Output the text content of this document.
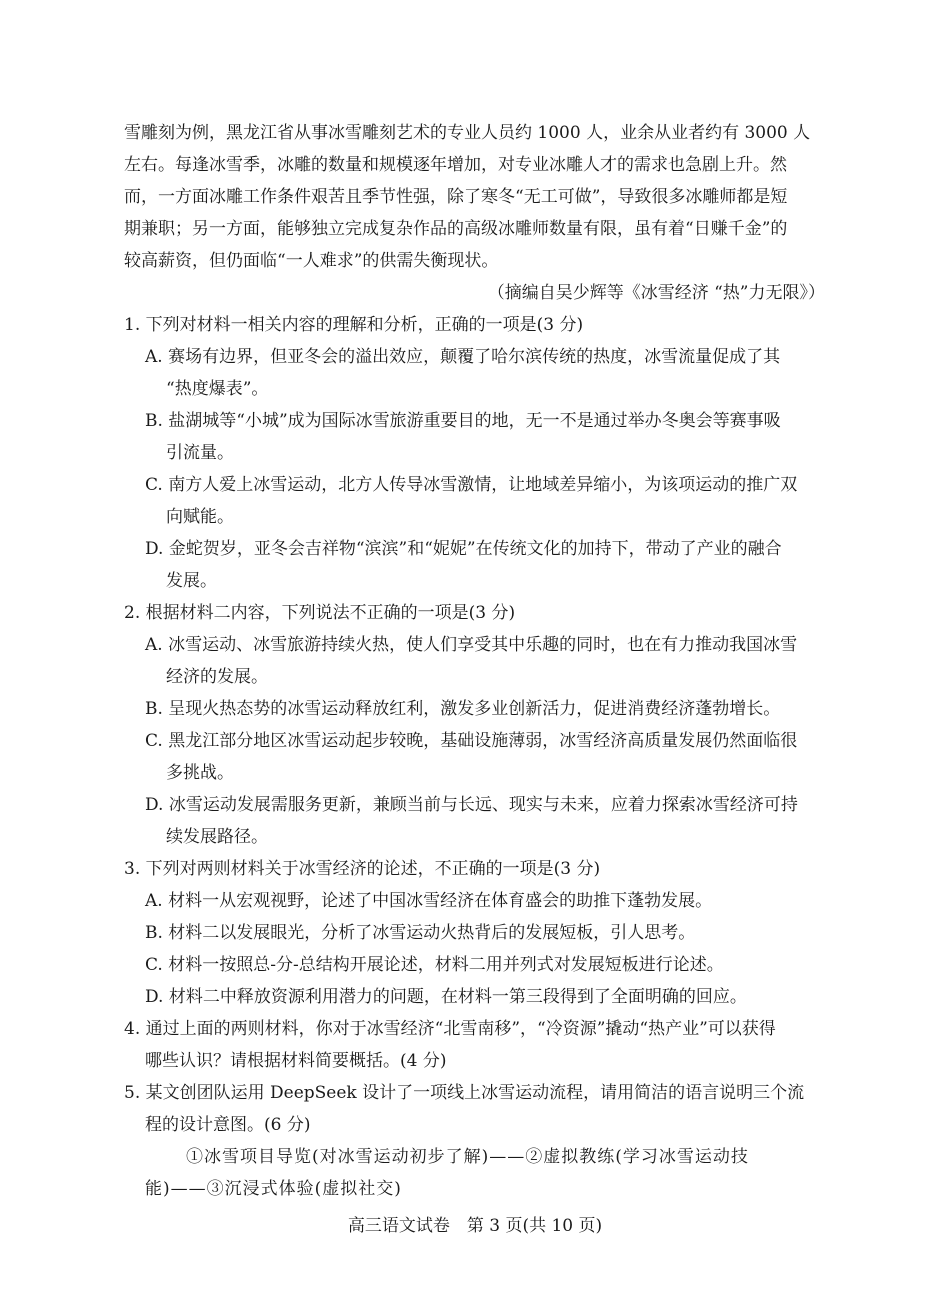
雪雕刻为例，黑龙江省从事冰雪雕刻艺术的专业人员约 1000 人，业余从业者约有 3000 人
左右。每逢冰雪季，冰雕的数量和规模逐年增加，对专业冰雕人才的需求也急剧上升。然
而，一方面冰雕工作条件艰苦且季节性强，除了寒冬“无工可做”，导致很多冰雕师都是短
期兼职；另一方面，能够独立完成复杂作品的高级冰雕师数量有限，虽有着“日赚千金”的
较高薪资，但仍面临“一人难求”的供需失衡现状。
（摘编自吴少辉等《冰雪经济 “热”力无限》）
1. 下列对材料一相关内容的理解和分析，正确的一项是(3 分)
A. 赛场有边界，但亚冬会的溢出效应，颠覆了哈尔滨传统的热度，冰雪流量促成了其
“热度爆表”。
B. 盐湖城等“小城”成为国际冰雪旅游重要目的地，无一不是通过举办冬奥会等赛事吸
引流量。
C. 南方人爱上冰雪运动，北方人传导冰雪激情，让地域差异缩小，为该项运动的推广双
向赋能。
D. 金蛇贺岁，亚冬会吉祥物“滨滨”和“妮妮”在传统文化的加持下，带动了产业的融合
发展。
2. 根据材料二内容，下列说法不正确的一项是(3 分)
A. 冰雪运动、冰雪旅游持续火热，使人们享受其中乐趣的同时，也在有力推动我国冰雪
经济的发展。
B. 呈现火热态势的冰雪运动释放红利，激发多业创新活力，促进消费经济蓬勃增长。
C. 黑龙江部分地区冰雪运动起步较晚，基础设施薄弱，冰雪经济高质量发展仍然面临很
多挑战。
D. 冰雪运动发展需服务更新，兼顾当前与长远、现实与未来，应着力探索冰雪经济可持
续发展路径。
3. 下列对两则材料关于冰雪经济的论述，不正确的一项是(3 分)
A. 材料一从宏观视野，论述了中国冰雪经济在体育盛会的助推下蓬勃发展。
B. 材料二以发展眼光，分析了冰雪运动火热背后的发展短板，引人思考。
C. 材料一按照总-分-总结构开展论述，材料二用并列式对发展短板进行论述。
D. 材料二中释放资源利用潜力的问题，在材料一第三段得到了全面明确的回应。
4. 通过上面的两则材料，你对于冰雪经济“北雪南移”，“冷资源”撬动“热产业”可以获得
哪些认识？请根据材料简要概括。(4 分)
5. 某文创团队运用 DeepSeek 设计了一项线上冰雪运动流程，请用简洁的语言说明三个流
程的设计意图。(6 分)
①冰雪项目导览(对冰雪运动初步了解)——②虚拟教练(学习冰雪运动技
能)——③沉浸式体验(虚拟社交)
高三语文试卷　第 3 页(共 10 页)
